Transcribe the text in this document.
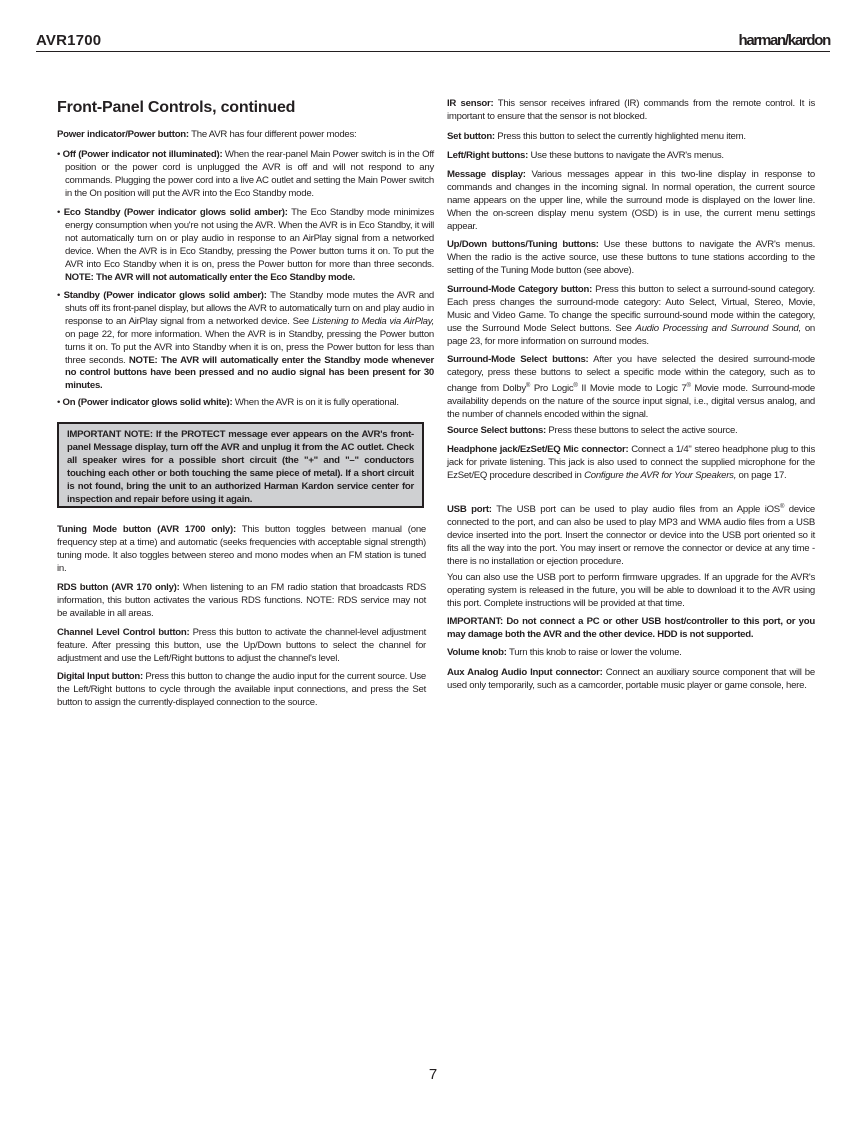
AVR1700	harman/kardon
Front-Panel Controls, continued
Power indicator/Power button: The AVR has four different power modes:
• Off (Power indicator not illuminated): When the rear-panel Main Power switch is in the Off position or the power cord is unplugged the AVR is off and will not respond to any commands. Plugging the power cord into a live AC outlet and setting the Main Power switch in the On position will put the AVR into the Eco Standby mode.
• Eco Standby (Power indicator glows solid amber): The Eco Standby mode minimizes energy consumption when you're not using the AVR. When the AVR is in Eco Standby, it will not automatically turn on or play audio in response to an AirPlay signal from a networked device. When the AVR is in Eco Standby, pressing the Power button turns it on. To put the AVR into Eco Standby when it is on, press the Power button for more than three seconds. NOTE: The AVR will not automatically enter the Eco Standby mode.
• Standby (Power indicator glows solid amber): The Standby mode mutes the AVR and shuts off its front-panel display, but allows the AVR to automatically turn on and play audio in response to an AirPlay signal from a networked device. See Listening to Media via AirPlay, on page 22, for more information. When the AVR is in Standby, pressing the Power button turns it on. To put the AVR into Standby when it is on, press the Power button for less than three seconds. NOTE: The AVR will automatically enter the Standby mode whenever no control buttons have been pressed and no audio signal has been present for 30 minutes.
• On (Power indicator glows solid white): When the AVR is on it is fully operational.
IMPORTANT NOTE: If the PROTECT message ever appears on the AVR's front-panel Message display, turn off the AVR and unplug it from the AC outlet. Check all speaker wires for a possible short circuit (the "+" and "–" conductors touching each other or both touching the same piece of metal). If a short circuit is not found, bring the unit to an authorized Harman Kardon service center for inspection and repair before using it again.
Tuning Mode button (AVR 1700 only): This button toggles between manual (one frequency step at a time) and automatic (seeks frequencies with acceptable signal strength) tuning mode. It also toggles between stereo and mono modes when an FM station is tuned in.
RDS button (AVR 170 only): When listening to an FM radio station that broadcasts RDS information, this button activates the various RDS functions. NOTE: RDS service may not be available in all areas.
Channel Level Control button: Press this button to activate the channel-level adjustment feature. After pressing this button, use the Up/Down buttons to select the channel for adjustment and use the Left/Right buttons to adjust the channel's level.
Digital Input button: Press this button to change the audio input for the current source. Use the Left/Right buttons to cycle through the available input connections, and press the Set button to assign the currently-displayed connection to the source.
IR sensor: This sensor receives infrared (IR) commands from the remote control. It is important to ensure that the sensor is not blocked.
Set button: Press this button to select the currently highlighted menu item.
Left/Right buttons: Use these buttons to navigate the AVR's menus.
Message display: Various messages appear in this two-line display in response to commands and changes in the incoming signal. In normal operation, the current source name appears on the upper line, while the surround mode is displayed on the lower line. When the on-screen display menu system (OSD) is in use, the current menu settings appear.
Up/Down buttons/Tuning buttons: Use these buttons to navigate the AVR's menus. When the radio is the active source, use these buttons to tune stations according to the setting of the Tuning Mode button (see above).
Surround-Mode Category button: Press this button to select a surround-sound category. Each press changes the surround-mode category: Auto Select, Virtual, Stereo, Movie, Music and Video Game. To change the specific surround-sound mode within the category, use the Surround Mode Select buttons. See Audio Processing and Surround Sound, on page 23, for more information on surround modes.
Surround-Mode Select buttons: After you have selected the desired surround-mode category, press these buttons to select a specific mode within the category, such as to change from Dolby® Pro Logic® II Movie mode to Logic 7® Movie mode. Surround-mode availability depends on the nature of the source input signal, i.e., digital versus analog, and the number of channels encoded within the signal.
Source Select buttons: Press these buttons to select the active source.
Headphone jack/EzSet/EQ Mic connector: Connect a 1/4" stereo headphone plug to this jack for private listening. This jack is also used to connect the supplied microphone for the EzSet/EQ procedure described in Configure the AVR for Your Speakers, on page 17.
USB port: The USB port can be used to play audio files from an Apple iOS® device connected to the port, and can also be used to play MP3 and WMA audio files from a USB device inserted into the port. Insert the connector or device into the USB port oriented so it fits all the way into the port. You may insert or remove the connector or device at any time - there is no installation or ejection procedure.
You can also use the USB port to perform firmware upgrades. If an upgrade for the AVR's operating system is released in the future, you will be able to download it to the AVR using this port. Complete instructions will be provided at that time.
IMPORTANT: Do not connect a PC or other USB host/controller to this port, or you may damage both the AVR and the other device. HDD is not supported.
Volume knob: Turn this knob to raise or lower the volume.
Aux Analog Audio Input connector: Connect an auxiliary source component that will be used only temporarily, such as a camcorder, portable music player or game console, here.
7
